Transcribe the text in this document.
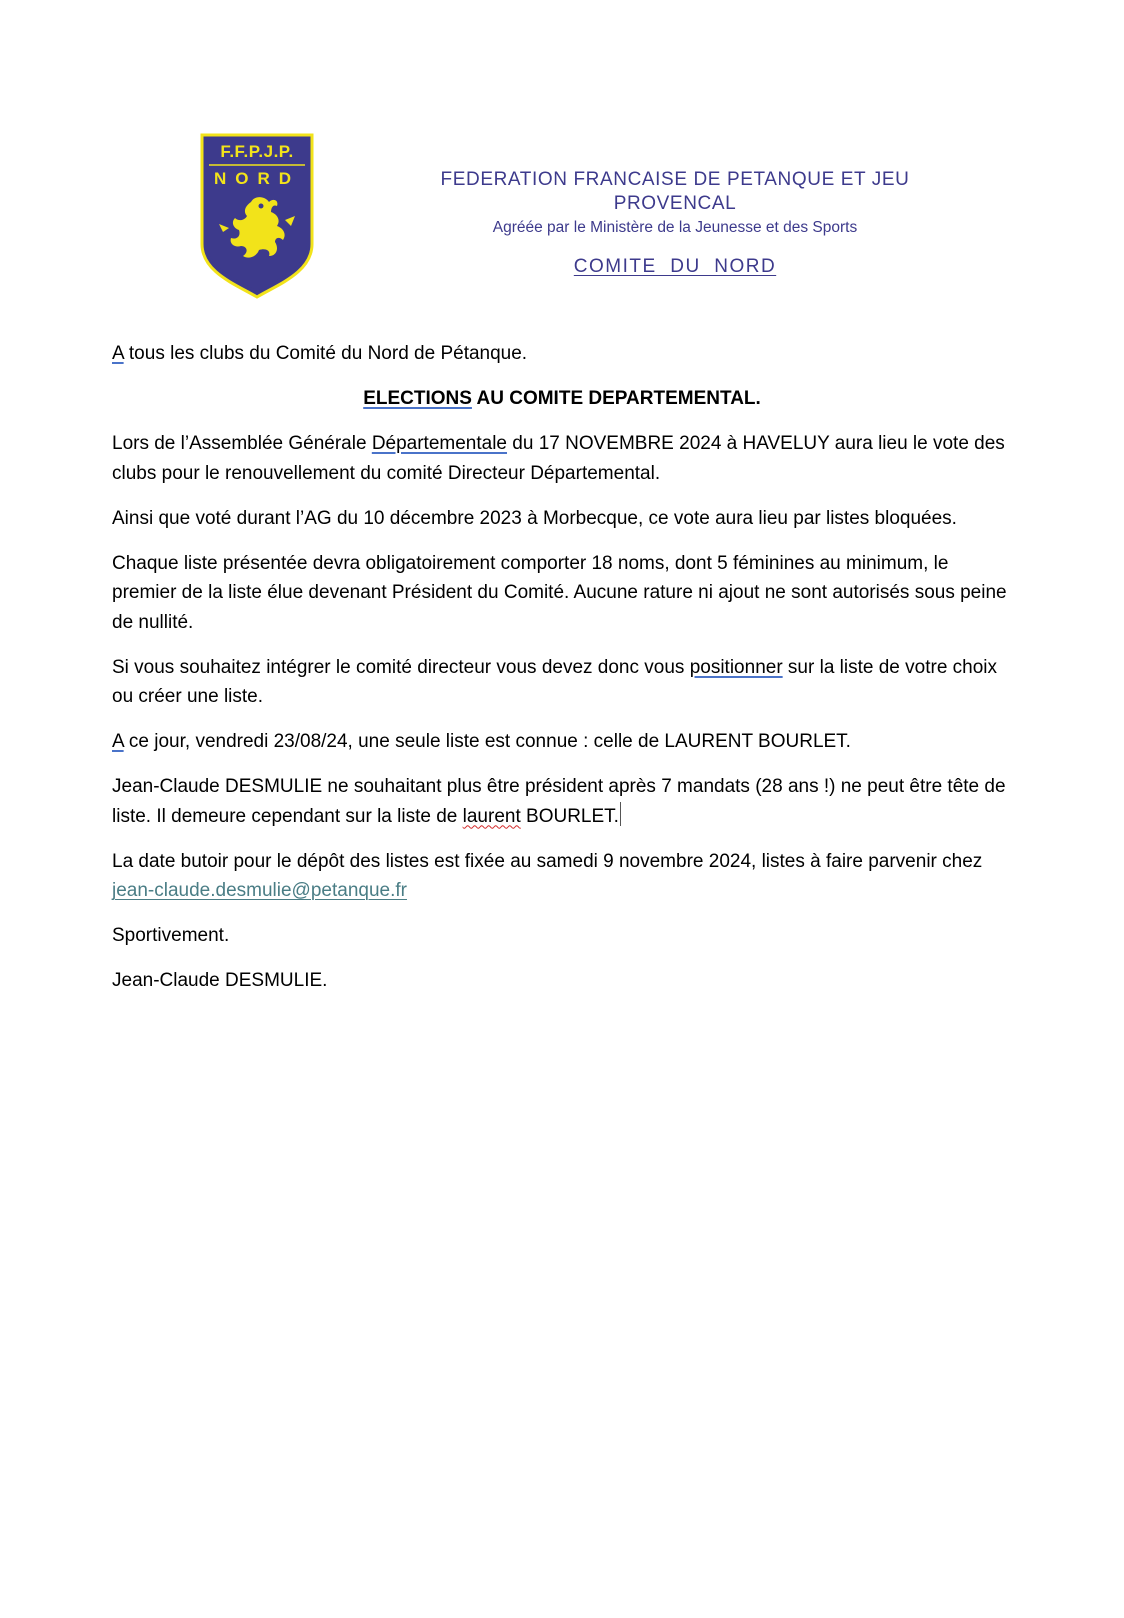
F.F.P.J.P.
NORD	FEDERATION FRANCAISE DE PETANQUE ET JEU PROVENCAL
Agréée par le Ministère de la Jeunesse et des Sports
COMITE  DU  NORD

A tous les clubs du Comité du Nord de Pétanque.

ELECTIONS AU COMITE DEPARTEMENTAL.

Lors de l’Assemblée Générale Départementale du 17 NOVEMBRE 2024 à HAVELUY aura lieu le vote des clubs pour le renouvellement du comité Directeur Départemental.

Ainsi que voté durant l’AG du 10 décembre 2023 à Morbecque, ce vote aura lieu par listes bloquées.

Chaque liste présentée devra obligatoirement comporter 18 noms, dont 5 féminines au minimum, le premier de la liste élue devenant Président du Comité. Aucune rature ni ajout ne sont autorisés sous peine de nullité.

Si vous souhaitez intégrer le comité directeur vous devez donc vous positionner sur la liste de votre choix ou créer une liste.

A ce jour, vendredi 23/08/24, une seule liste est connue : celle de LAURENT BOURLET.

Jean-Claude DESMULIE ne souhaitant plus être président après 7 mandats (28 ans !) ne peut être tête de liste. Il demeure cependant sur la liste de laurent BOURLET.

La date butoir pour le dépôt des listes est fixée au samedi 9 novembre 2024, listes à faire parvenir chez jean-claude.desmulie@petanque.fr

Sportivement.

Jean-Claude DESMULIE.
